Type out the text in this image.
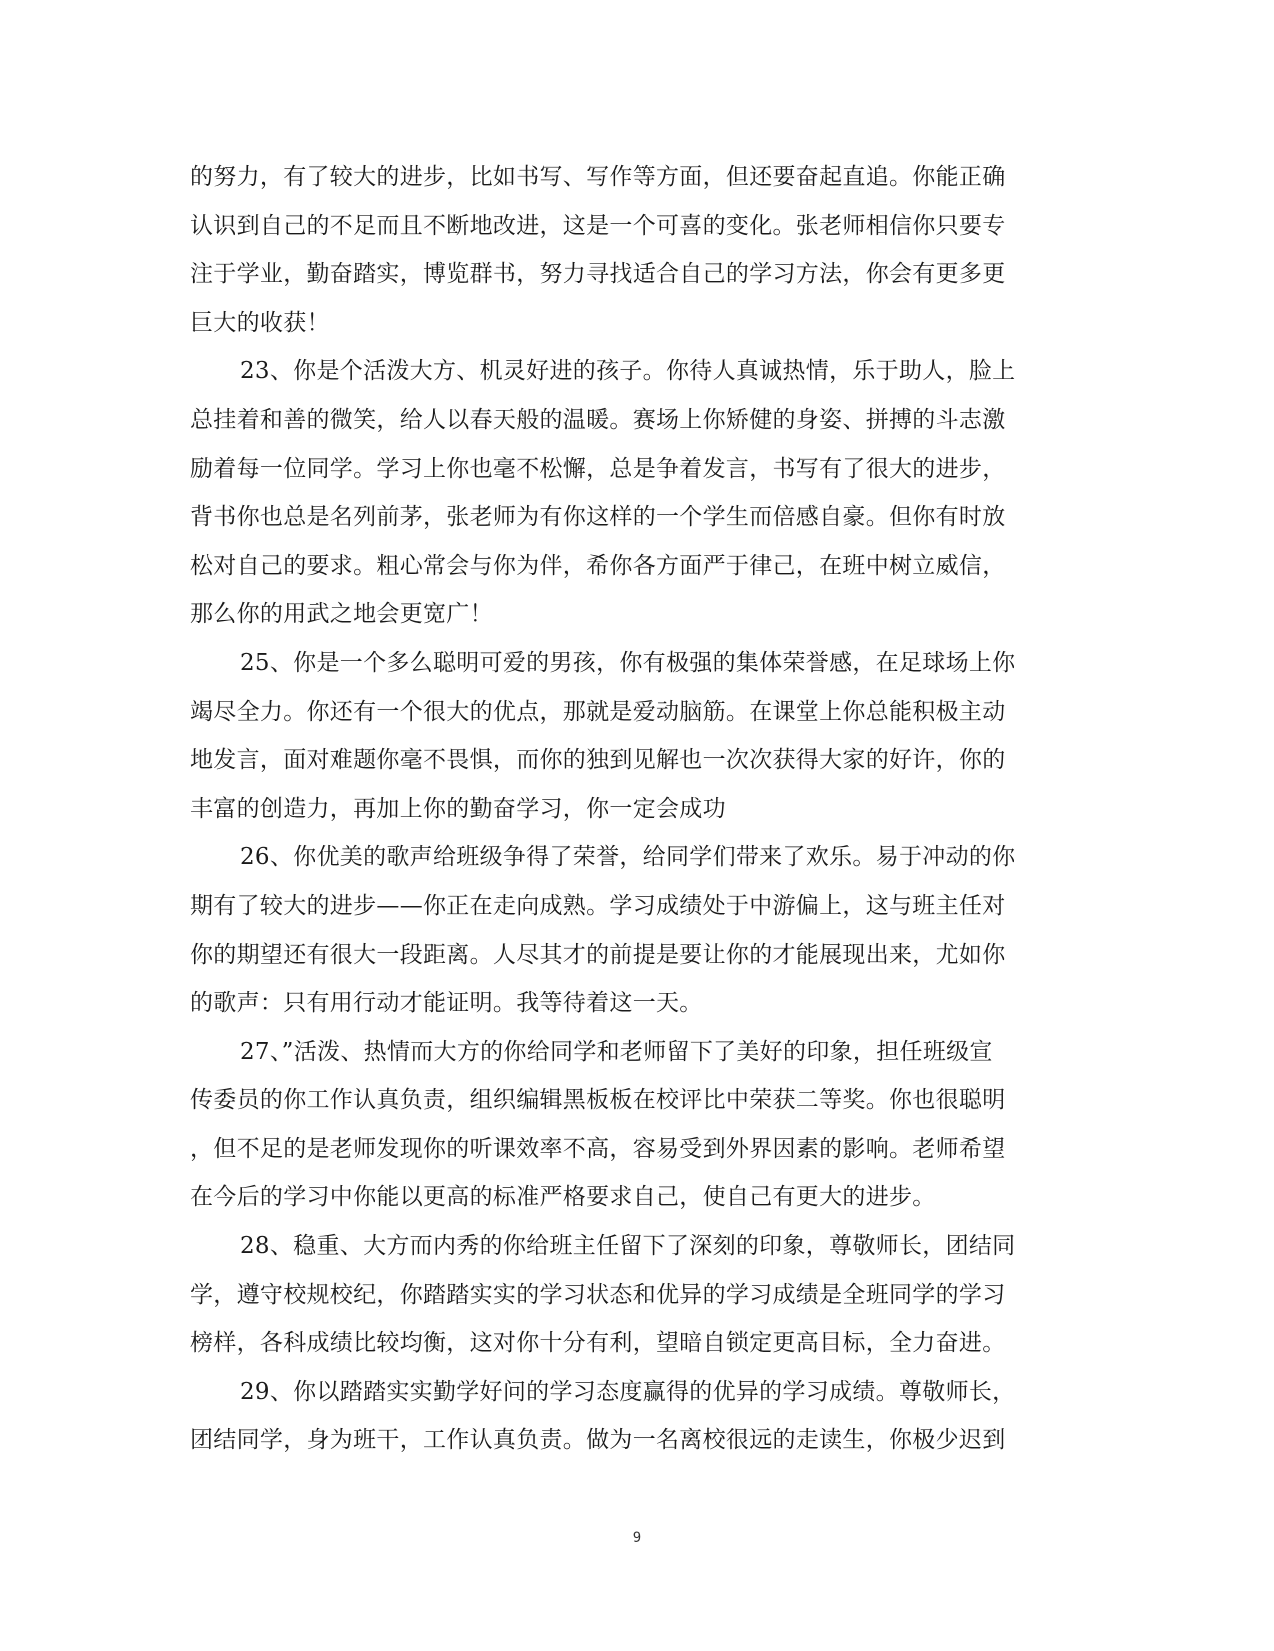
的努力，有了较大的进步，比如书写、写作等方面，但还要奋起直追。你能正确
认识到自己的不足而且不断地改进，这是一个可喜的变化。张老师相信你只要专
注于学业，勤奋踏实，博览群书，努力寻找适合自己的学习方法，你会有更多更
巨大的收获！
23、你是个活泼大方、机灵好进的孩子。你待人真诚热情，乐于助人，脸上
总挂着和善的微笑，给人以春天般的温暖。赛场上你矫健的身姿、拼搏的斗志激
励着每一位同学。学习上你也毫不松懈，总是争着发言，书写有了很大的进步，
背书你也总是名列前茅，张老师为有你这样的一个学生而倍感自豪。但你有时放
松对自己的要求。粗心常会与你为伴，希你各方面严于律己，在班中树立威信，
那么你的用武之地会更宽广！
25、你是一个多么聪明可爱的男孩，你有极强的集体荣誉感，在足球场上你
竭尽全力。你还有一个很大的优点，那就是爱动脑筋。在课堂上你总能积极主动
地发言，面对难题你毫不畏惧，而你的独到见解也一次次获得大家的好许，你的
丰富的创造力，再加上你的勤奋学习，你一定会成功
26、你优美的歌声给班级争得了荣誉，给同学们带来了欢乐。易于冲动的你
期有了较大的进步——你正在走向成熟。学习成绩处于中游偏上，这与班主任对
你的期望还有很大一段距离。人尽其才的前提是要让你的才能展现出来，尤如你
的歌声：只有用行动才能证明。我等待着这一天。
27、”活泼、热情而大方的你给同学和老师留下了美好的印象，担任班级宣
传委员的你工作认真负责，组织编辑黑板板在校评比中荣获二等奖。你也很聪明
，但不足的是老师发现你的听课效率不高，容易受到外界因素的影响。老师希望
在今后的学习中你能以更高的标准严格要求自己，使自己有更大的进步。
28、稳重、大方而内秀的你给班主任留下了深刻的印象，尊敬师长，团结同
学，遵守校规校纪，你踏踏实实的学习状态和优异的学习成绩是全班同学的学习
榜样，各科成绩比较均衡，这对你十分有利，望暗自锁定更高目标，全力奋进。
29、你以踏踏实实勤学好问的学习态度赢得的优异的学习成绩。尊敬师长，
团结同学，身为班干，工作认真负责。做为一名离校很远的走读生，你极少迟到
9
